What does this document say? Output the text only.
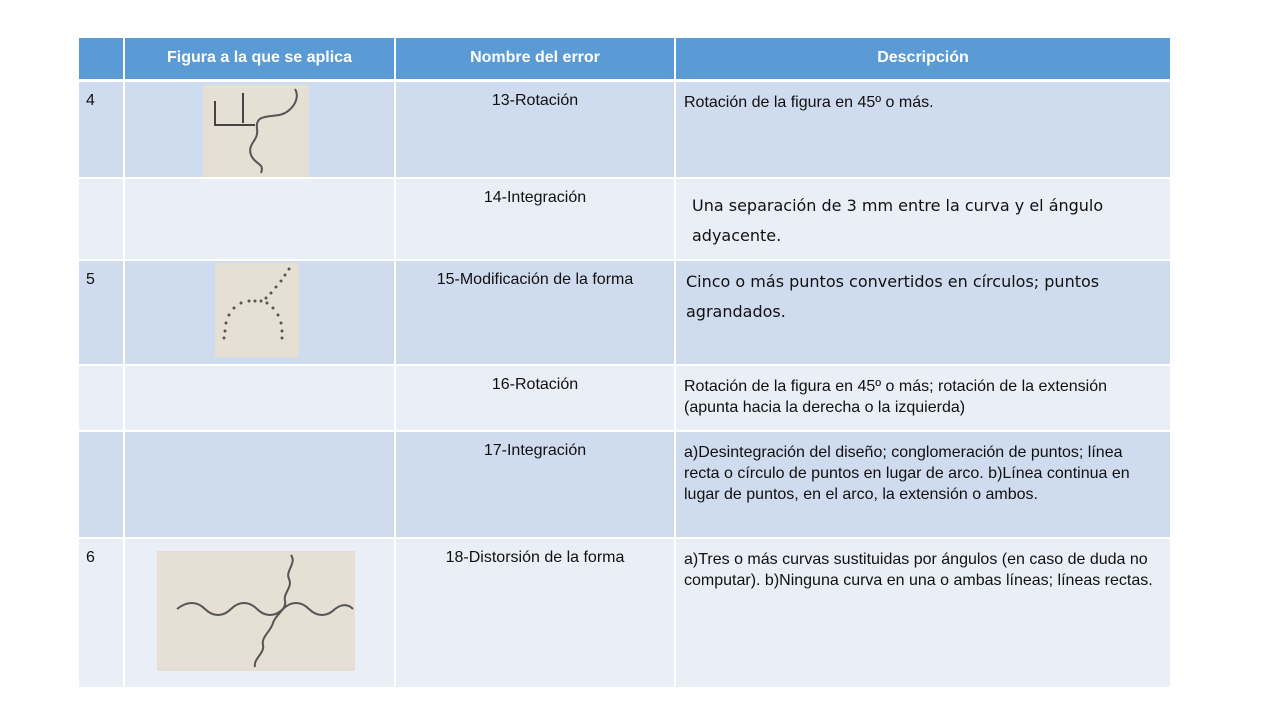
	Figura a la que se aplica	Nombre del error	Descripción
4		13-Rotación	Rotación de la figura en 45º o más.
		14-Integración	Una separación de 3 mm entre la curva y el ángulo adyacente.
5		15-Modificación de la forma	Cinco o más puntos convertidos en círculos; puntos agrandados.
		16-Rotación	Rotación de la figura en 45º o más; rotación de la extensión (apunta hacia la derecha o la izquierda)
		17-Integración	a)Desintegración del diseño; conglomeración de puntos; línea recta o círculo de puntos en lugar de arco. b)Línea continua en lugar de puntos, en el arco, la extensión o ambos.
6		18-Distorsión de la forma	a)Tres o más curvas sustituidas por ángulos (en caso de duda no computar). b)Ninguna curva en una o ambas líneas; líneas rectas.
